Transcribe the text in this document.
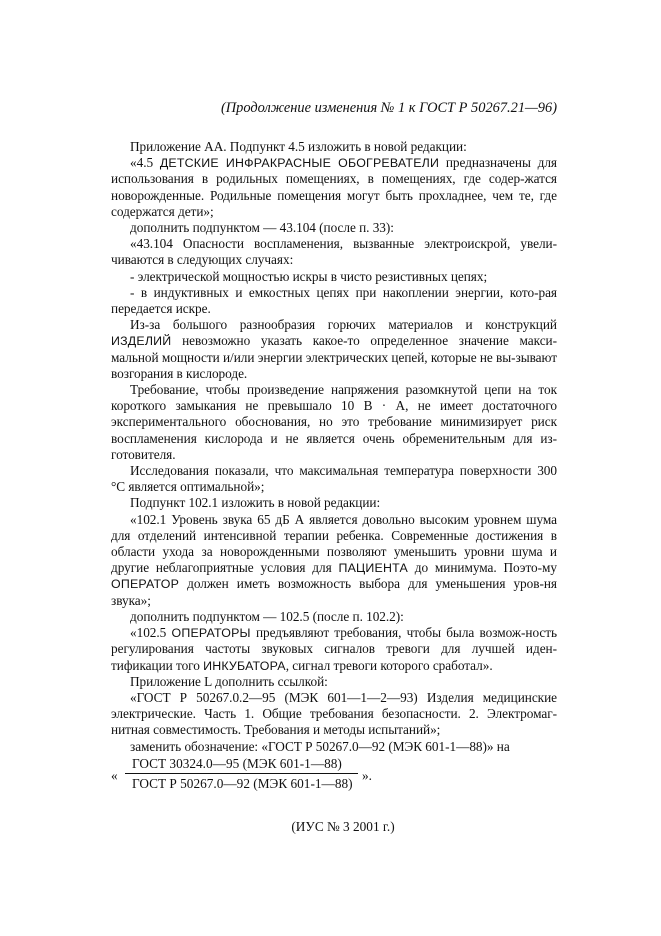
(Продолжение изменения № 1 к ГОСТ Р 50267.21—96)

Приложение АА. Подпункт 4.5 изложить в новой редакции:

«4.5 ДЕТСКИЕ ИНФРАКРАСНЫЕ ОБОГРЕВАТЕЛИ предназначены для использования в родильных помещениях, в помещениях, где содер-жатся новорожденные. Родильные помещения могут быть прохладнее, чем те, где содержатся дети»;

дополнить подпунктом — 43.104 (после п. 33):

«43.104 Опасности воспламенения, вызванные электроискрой, увели-чиваются в следующих случаях:

- электрической мощностью искры в чисто резистивных цепях;

- в индуктивных и емкостных цепях при накоплении энергии, кото-рая передается искре.

Из-за большого разнообразия горючих материалов и конструкций ИЗДЕЛИЙ невозможно указать какое-то определенное значение макси-мальной мощности и/или энергии электрических цепей, которые не вы-зывают возгорания в кислороде.

Требование, чтобы произведение напряжения разомкнутой цепи на ток короткого замыкания не превышало 10 В · А, не имеет достаточного экспериментального обоснования, но это требование минимизирует риск воспламенения кислорода и не является очень обременительным для из-готовителя.

Исследования показали, что максимальная температура поверхности 300 °С является оптимальной»;

Подпункт 102.1 изложить в новой редакции:

«102.1 Уровень звука 65 дБ А является довольно высоким уровнем шума для отделений интенсивной терапии ребенка. Современные достижения в области ухода за новорожденными позволяют уменьшить уровни шума и другие неблагоприятные условия для ПАЦИЕНТА до минимума. Поэто-му ОПЕРАТОР должен иметь возможность выбора для уменьшения уров-ня звука»;

дополнить подпунктом — 102.5 (после п. 102.2):

«102.5 ОПЕРАТОРЫ предъявляют требования, чтобы была возмож-ность регулирования частоты звуковых сигналов тревоги для лучшей иден-тификации того ИНКУБАТОРА, сигнал тревоги которого сработал».

Приложение L дополнить ссылкой:

«ГОСТ Р 50267.0.2—95 (МЭК 601—1—2—93) Изделия медицинские электрические. Часть 1. Общие требования безопасности. 2. Электромаг-нитная совместимость. Требования и методы испытаний»;

заменить обозначение: «ГОСТ Р 50267.0—92 (МЭК 601-1—88)» на

«
ГОСТ 30324.0—95 (МЭК 601-1—88)
ГОСТ Р 50267.0—92 (МЭК 601-1—88)
».
(ИУС № 3 2001 г.)
